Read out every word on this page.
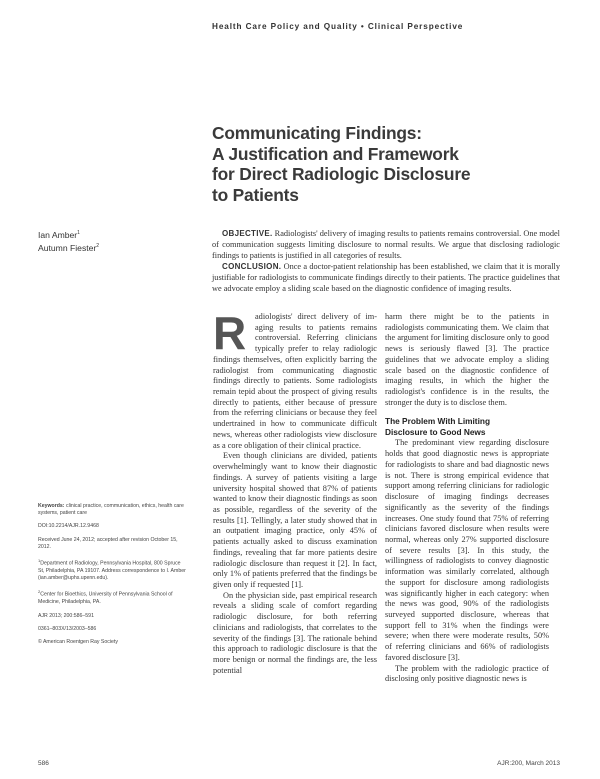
Health Care Policy and Quality • Clinical Perspective
Communicating Findings:
A Justification and Framework
for Direct Radiologic Disclosure
to Patients
Ian Amber$^1$
Autumn Fiester$^2$

OBJECTIVE. Radiologists' delivery of imaging results to patients remains controversial. One model of communication suggests limiting disclosure to normal results. We argue that disclosing radiologic findings to patients is justified in all categories of results.

CONCLUSION. Once a doctor-patient relationship has been established, we claim that it is morally justifiable for radiologists to communicate findings directly to their patients. The practice guidelines that we advocate employ a sliding scale based on the diagnostic confidence of imaging results.

R	adiologists' direct delivery of im-
aging results to patients remains
controversial. Referring clinicians
typically prefer to relay radiologic

findings themselves, often explicitly barring the radiologist from communicating diagnostic findings directly to patients. Some radiologists remain tepid about the prospect of giving results directly to patients, either because of pressure from the referring clinicians or because they feel undertrained in how to communicate difficult news, whereas other radiologists view disclosure as a core obligation of their clinical practice.

Even though clinicians are divided, patients overwhelmingly want to know their diagnostic findings. A survey of patients visiting a large university hospital showed that 87% of patients wanted to know their diagnostic findings as soon as possible, regardless of the severity of the results [1]. Tellingly, a later study showed that in an outpatient imaging practice, only 45% of patients actually asked to discuss examination findings, revealing that far more patients desire radiologic disclosure than request it [2]. In fact, only 1% of patients preferred that the findings be given only if requested [1].

On the physician side, past empirical research reveals a sliding scale of comfort regarding radiologic disclosure, for both referring clinicians and radiologists, that correlates to the severity of the findings [3]. The rationale behind this approach to radiologic disclosure is that the more benign or normal the findings are, the less potential

harm there might be to the patients in radiologists communicating them. We claim that the argument for limiting disclosure only to good news is seriously flawed [3]. The practice guidelines that we advocate employ a sliding scale based on the diagnostic confidence of imaging results, in which the higher the radiologist's confidence is in the results, the stronger the duty is to disclose them.

The Problem With Limiting
Disclosure to Good News

The predominant view regarding disclosure holds that good diagnostic news is appropriate for radiologists to share and bad diagnostic news is not. There is strong empirical evidence that support among referring clinicians for radiologic disclosure of imaging findings decreases significantly as the severity of the findings increases. One study found that 75% of referring clinicians favored disclosure when results were normal, whereas only 27% supported disclosure of severe results [3]. In this study, the willingness of radiologists to convey diagnostic information was similarly correlated, although the support for disclosure among radiologists was significantly higher in each category: when the news was good, 90% of the radiologists surveyed supported disclosure, whereas that support fell to 31% when the findings were severe; when there were moderate results, 50% of referring clinicians and 66% of radiologists favored disclosure [3].

The problem with the radiologic practice of disclosing only positive diagnostic news is

Keywords: clinical practice, communication, ethics, health care systems, patient care
DOI:10.2214/AJR.12.9468
Received June 24, 2012; accepted after revision October 15, 2012.
$^1$Department of Radiology, Pennsylvania Hospital, 800 Spruce St, Philadelphia, PA 19107. Address correspondence to I. Amber (ian.amber@uphs.upenn.edu).
$^2$Center for Bioethics, University of Pennsylvania School of Medicine, Philadelphia, PA.
AJR 2013; 200:586–591
0361–803X/13/2003–586
© American Roentgen Ray Society
586	AJR:200, March 2013
